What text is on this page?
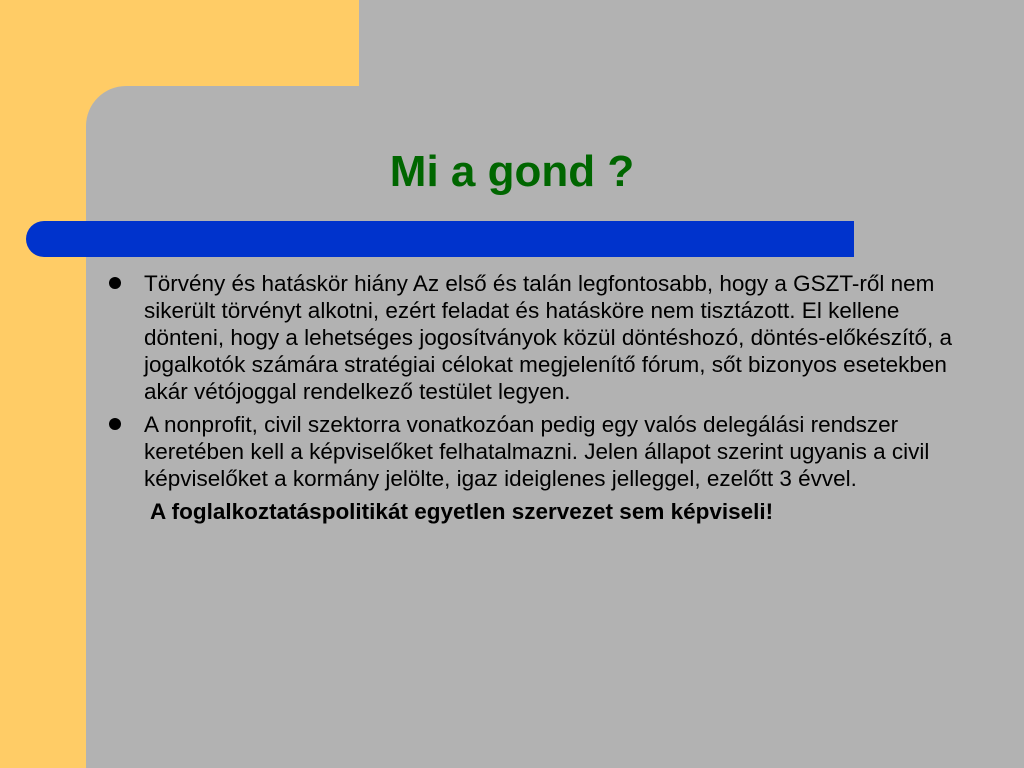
Mi a gond ?
Törvény és hatáskör hiány Az első és talán legfontosabb, hogy a GSZT-ről nem sikerült törvényt alkotni, ezért feladat és hatásköre nem tisztázott. El kellene dönteni, hogy a lehetséges jogosítványok közül döntéshozó, döntés-előkészítő, a jogalkotók számára stratégiai célokat megjelenítő fórum, sőt bizonyos esetekben akár vétójoggal rendelkező testület legyen.
A nonprofit, civil szektorra vonatkozóan pedig egy valós delegálási rendszer keretében kell a képviselőket felhatalmazni. Jelen állapot szerint ugyanis a civil képviselőket a kormány jelölte, igaz ideiglenes jelleggel, ezelőtt 3 évvel.
A foglalkoztatáspolitikát egyetlen szervezet sem képviseli!
